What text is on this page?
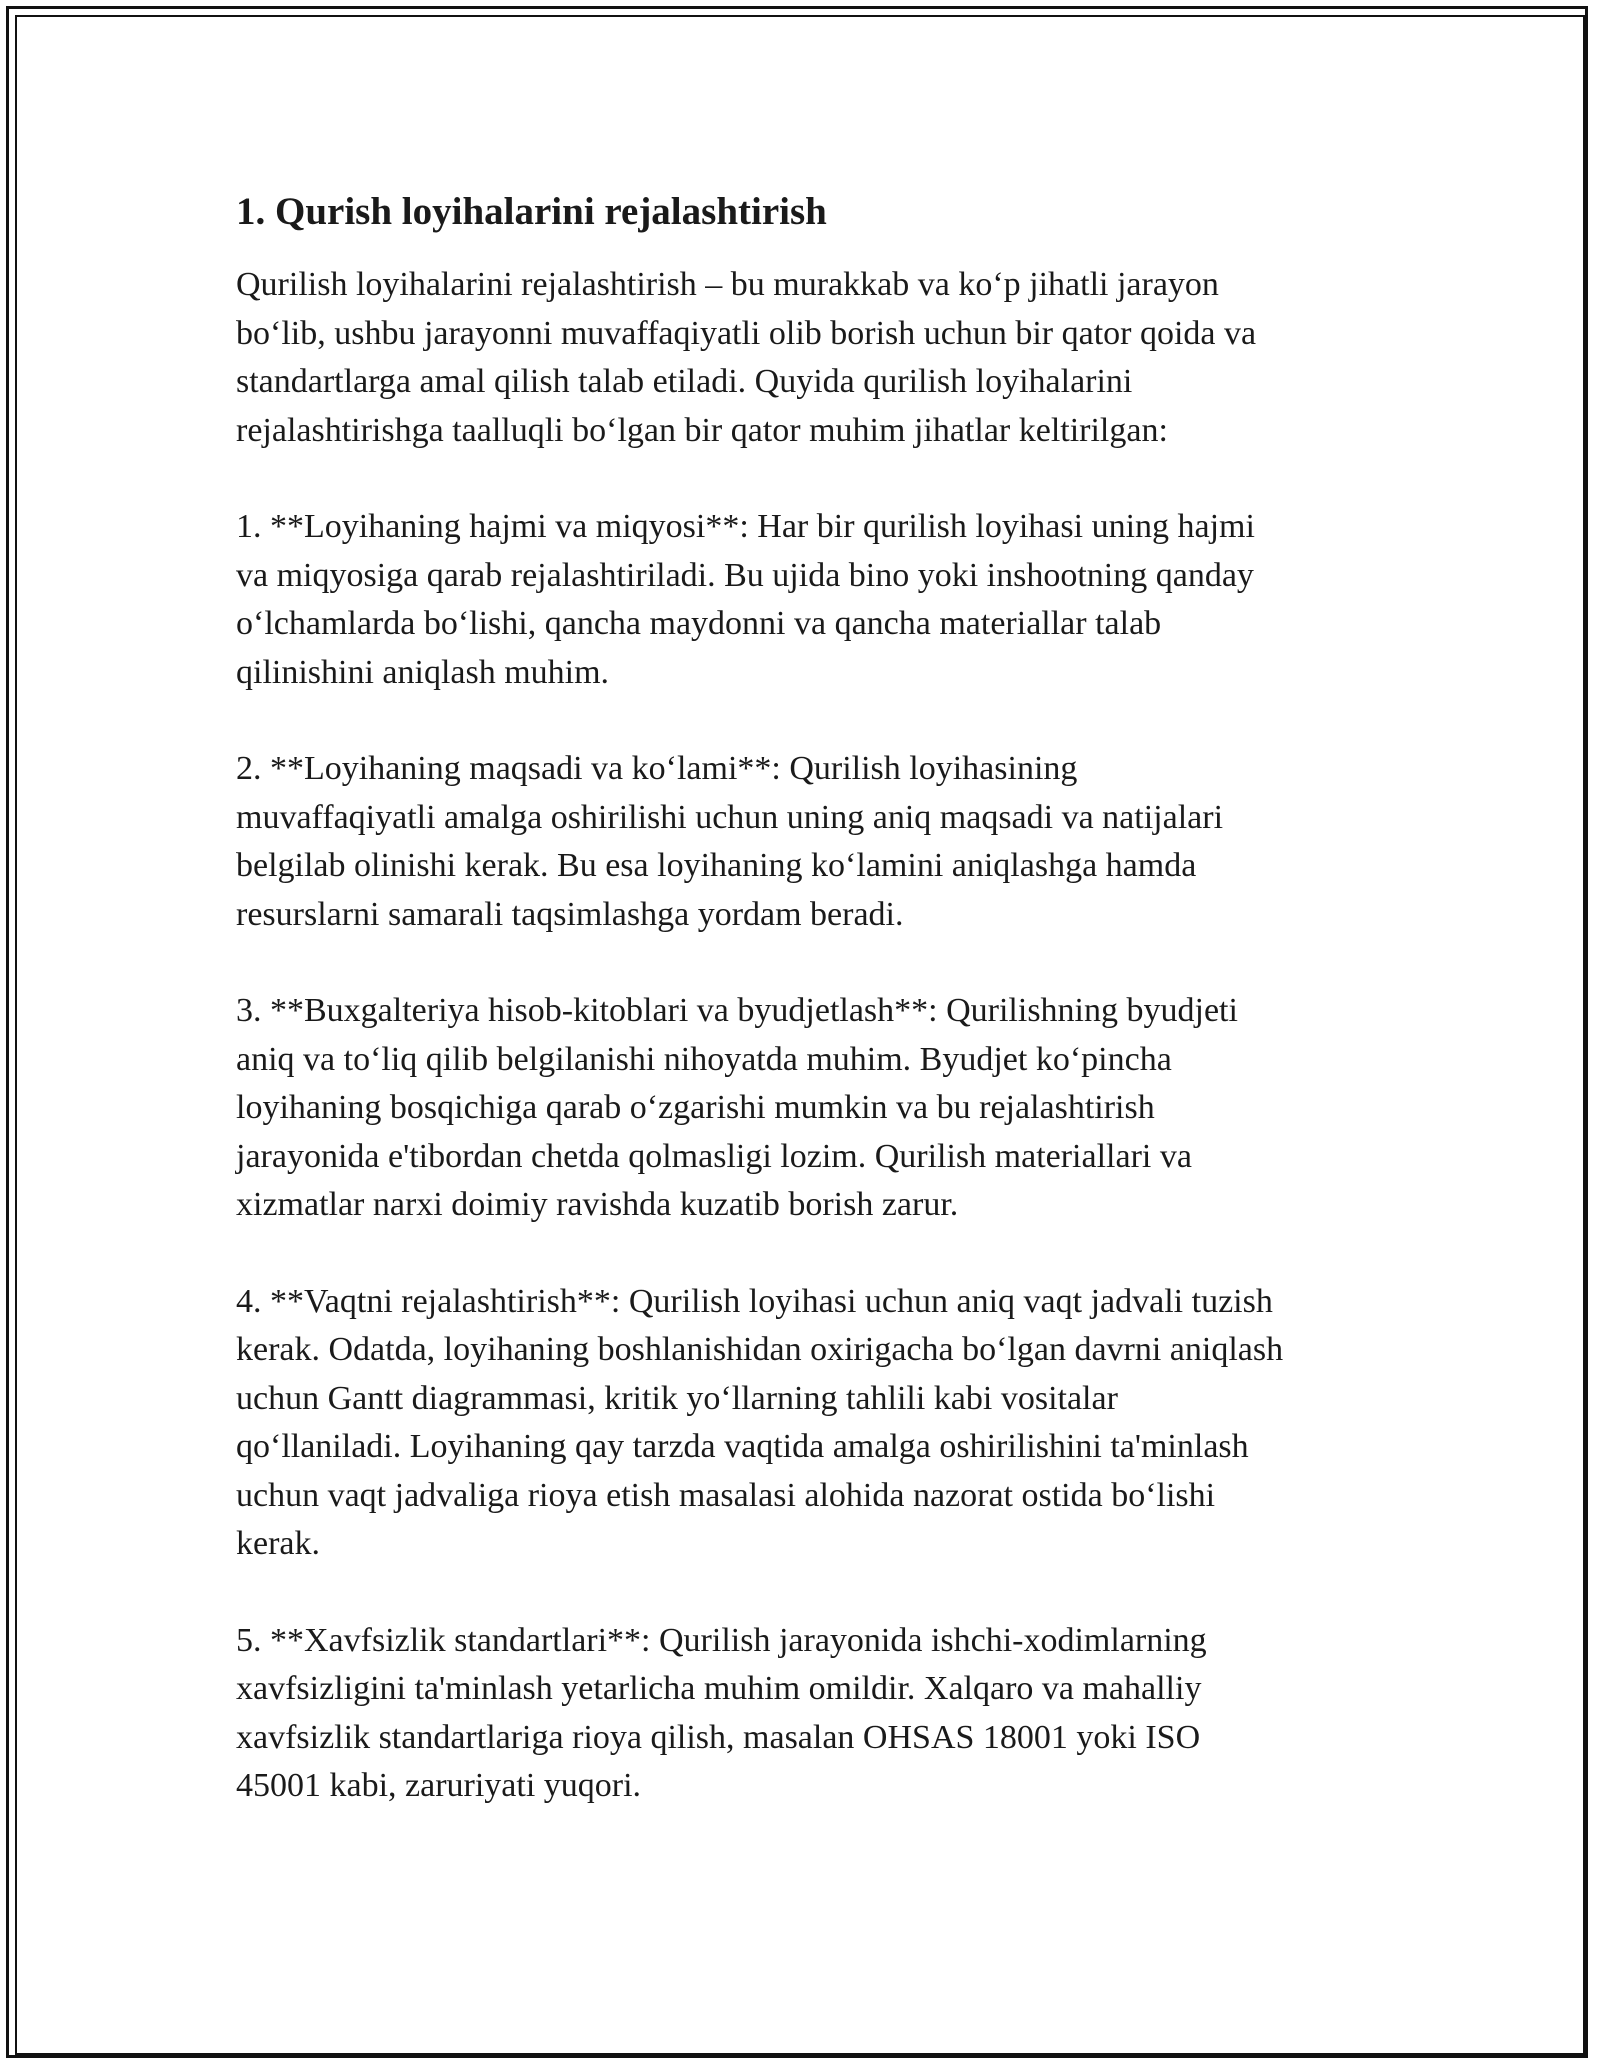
1. Qurish loyihalarini rejalashtirish

Qurilish loyihalarini rejalashtirish – bu murakkab va ko‘p jihatli jarayon
bo‘lib, ushbu jarayonni muvaffaqiyatli olib borish uchun bir qator qoida va
standartlarga amal qilish talab etiladi. Quyida qurilish loyihalarini
rejalashtirishga taalluqli bo‘lgan bir qator muhim jihatlar keltirilgan:

1. **Loyihaning hajmi va miqyosi**: Har bir qurilish loyihasi uning hajmi
va miqyosiga qarab rejalashtiriladi. Bu ujida bino yoki inshootning qanday
o‘lchamlarda bo‘lishi, qancha maydonni va qancha materiallar talab
qilinishini aniqlash muhim.

2. **Loyihaning maqsadi va ko‘lami**: Qurilish loyihasining
muvaffaqiyatli amalga oshirilishi uchun uning aniq maqsadi va natijalari
belgilab olinishi kerak. Bu esa loyihaning ko‘lamini aniqlashga hamda
resurslarni samarali taqsimlashga yordam beradi.

3. **Buxgalteriya hisob-kitoblari va byudjetlash**: Qurilishning byudjeti
aniq va to‘liq qilib belgilanishi nihoyatda muhim. Byudjet ko‘pincha
loyihaning bosqichiga qarab o‘zgarishi mumkin va bu rejalashtirish
jarayonida e'tibordan chetda qolmasligi lozim. Qurilish materiallari va
xizmatlar narxi doimiy ravishda kuzatib borish zarur.

4. **Vaqtni rejalashtirish**: Qurilish loyihasi uchun aniq vaqt jadvali tuzish
kerak. Odatda, loyihaning boshlanishidan oxirigacha bo‘lgan davrni aniqlash
uchun Gantt diagrammasi, kritik yo‘llarning tahlili kabi vositalar
qo‘llaniladi. Loyihaning qay tarzda vaqtida amalga oshirilishini ta'minlash
uchun vaqt jadvaliga rioya etish masalasi alohida nazorat ostida bo‘lishi
kerak.

5. **Xavfsizlik standartlari**: Qurilish jarayonida ishchi-xodimlarning
xavfsizligini ta'minlash yetarlicha muhim omildir. Xalqaro va mahalliy
xavfsizlik standartlariga rioya qilish, masalan OHSAS 18001 yoki ISO
45001 kabi, zaruriyati yuqori.
